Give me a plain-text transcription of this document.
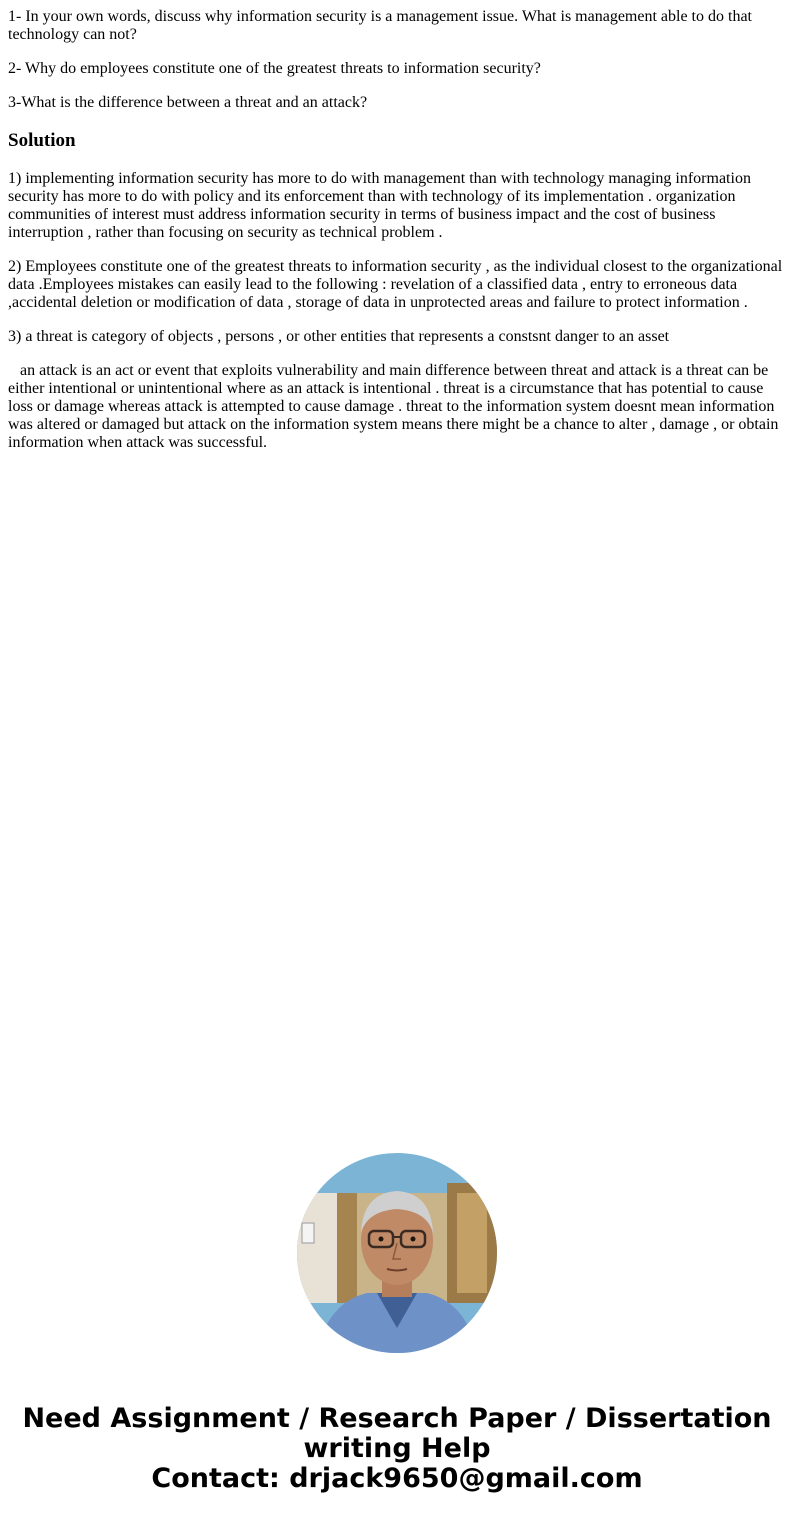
1- In your own words, discuss why information security is a management issue. What is management able to do that technology can not?

2- Why do employees constitute one of the greatest threats to information security?

3-What is the difference between a threat and an attack?

Solution

1) implementing information security has more to do with management than with technology managing information security has more to do with policy and its enforcement than with technology of its implementation . organization communities of interest must address information security in terms of business impact and the cost of business interruption , rather than focusing on security as technical problem .

2) Employees constitute one of the greatest threats to information security , as the individual closest to the organizational data .Employees mistakes can easily lead to the following : revelation of a classified data , entry to erroneous data ,accidental deletion or modification of data , storage of data in unprotected areas and failure to protect information .

3) a threat is category of objects , persons , or other entities that represents a constsnt danger to an asset

an attack is an act or event that exploits vulnerability and main difference between threat and attack is a threat can be either intentional or unintentional where as an attack is intentional . threat is a circumstance that has potential to cause loss or damage whereas attack is attempted to cause damage . threat to the information system doesnt mean information was altered or damaged but attack on the information system means there might be a chance to alter , damage , or obtain information when attack was successful.

Need Assignment / Research Paper / Dissertation
writing Help
Contact: drjack9650@gmail.com
